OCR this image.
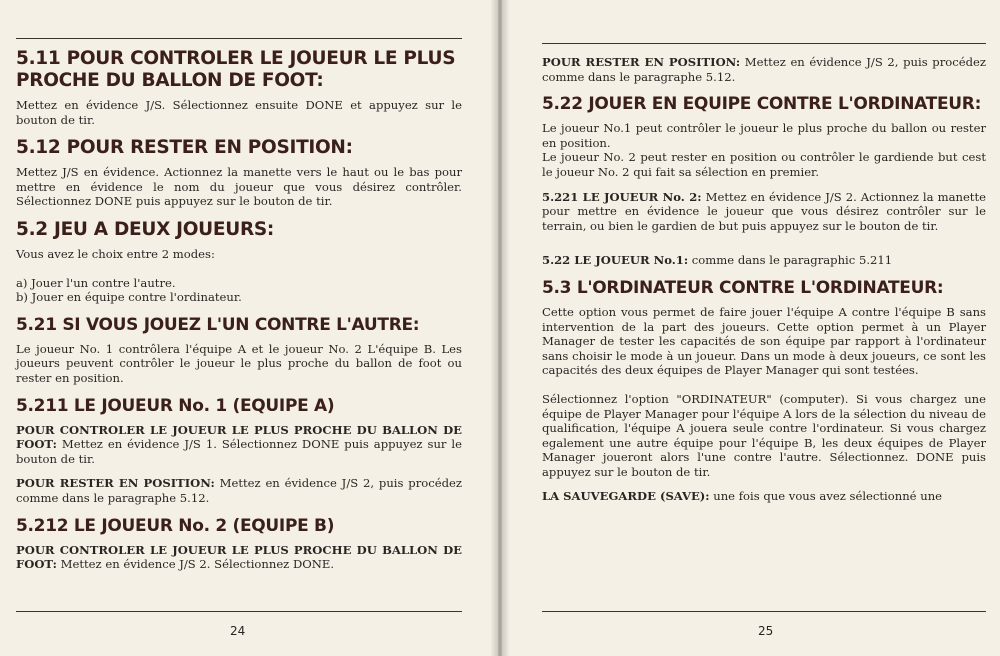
5.11 POUR CONTROLER LE JOUEUR LE PLUS PROCHE DU BALLON DE FOOT:

Mettez en évidence J/S. Sélectionnez ensuite DONE et appuyez sur le bouton de tir.

5.12 POUR RESTER EN POSITION:

Mettez J/S en évidence. Actionnez la manette vers le haut ou le bas pour mettre en évidence le nom du joueur que vous désirez contrôler. Sélectionnez DONE puis appuyez sur le bouton de tir.

5.2 JEU A DEUX JOUEURS:

Vous avez le choix entre 2 modes:

a) Jouer l'un contre l'autre.

b) Jouer en équipe contre l'ordinateur.

5.21 SI VOUS JOUEZ L'UN CONTRE L'AUTRE:

Le joueur No. 1 contrôlera l'équipe A et le joueur No. 2 L'équipe B. Les joueurs peuvent contrôler le joueur le plus proche du ballon de foot ou rester en position.

5.211 LE JOUEUR No. 1 (EQUIPE A)

POUR CONTROLER LE JOUEUR LE PLUS PROCHE DU BALLON DE FOOT: Mettez en évidence J/S 1. Sélectionnez DONE puis appuyez sur le bouton de tir.

POUR RESTER EN POSITION: Mettez en évidence J/S 2, puis procédez comme dans le paragraphe 5.12.

5.212 LE JOUEUR No. 2 (EQUIPE B)

POUR CONTROLER LE JOUEUR LE PLUS PROCHE DU BALLON DE FOOT: Mettez en évidence J/S 2. Sélectionnez DONE.

24

POUR RESTER EN POSITION: Mettez en évidence J/S 2, puis procédez comme dans le paragraphe 5.12.

5.22 JOUER EN EQUIPE CONTRE L'ORDINATEUR:

Le joueur No.1 peut contrôler le joueur le plus proche du ballon ou rester en position.

Le joueur No. 2 peut rester en position ou contrôler le gardiende but cest le joueur No. 2 qui fait sa sélection en premier.

5.221 LE JOUEUR No. 2: Mettez en évidence J/S 2. Actionnez la manette pour mettre en évidence le joueur que vous désirez contrôler sur le terrain, ou bien le gardien de but puis appuyez sur le bouton de tir.

5.22 LE JOUEUR No.1: comme dans le paragraphic 5.211

5.3 L'ORDINATEUR CONTRE L'ORDINATEUR:

Cette option vous permet de faire jouer l'équipe A contre l'équipe B sans intervention de la part des joueurs. Cette option permet à un Player Manager de tester les capacités de son équipe par rapport à l'ordinateur sans choisir le mode à un joueur. Dans un mode à deux joueurs, ce sont les capacités des deux équipes de Player Manager qui sont testées.

Sélectionnez l'option "ORDINATEUR" (computer). Si vous chargez une équipe de Player Manager pour l'équipe A lors de la sélection du niveau de qualification, l'équipe A jouera seule contre l'ordinateur. Si vous chargez egalement une autre équipe pour l'équipe B, les deux équipes de Player Manager joueront alors l'une contre l'autre. Sélectionnez. DONE puis appuyez sur le bouton de tir.

LA SAUVEGARDE (SAVE): une fois que vous avez sélectionné une

25
